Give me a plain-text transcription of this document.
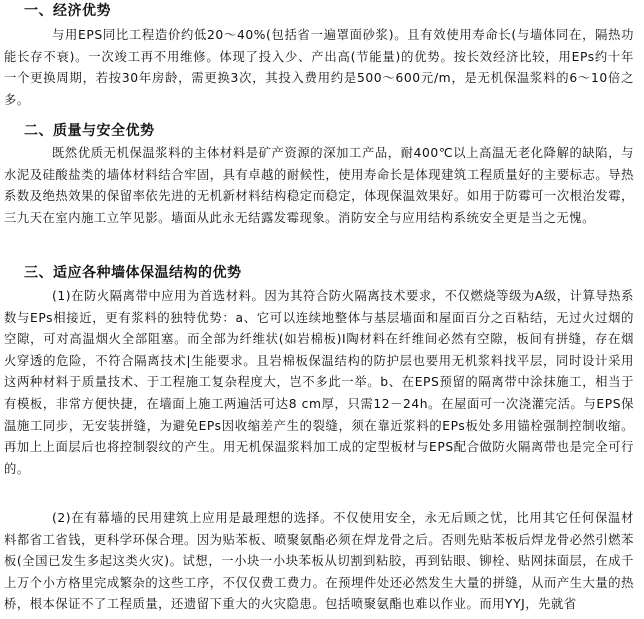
一、经济优势

与用EPS同比工程造价约低20～40%(包括省一遍罩面砂浆)。且有效使用寿命长(与墙体同在，隔热功能长存不衰)。一次竣工再不用维修。体现了投入少、产出高(节能量)的优势。按长效经济比较，用EPs约十年一个更换周期，若按30年房龄，需更换3次，其投入费用约是500～600元/m，是无机保温浆料的6～10倍之多。

二、质量与安全优势

既然优质无机保温浆料的主体材料是矿产资源的深加工产品，耐400℃以上高温无老化降解的缺陷，与水泥及硅酸盐类的墙体材料结合牢固，具有卓越的耐候性，使用寿命长是体现建筑工程质量好的主要标志。导热系数及绝热效果的保留率依先进的无机新材料结构稳定而稳定，体现保温效果好。如用于防霉可一次根治发霉，三九天在室内施工立竿见影。墙面从此永无结露发霉现象。消防安全与应用结构系统安全更是当之无愧。

三、适应各种墙体保温结构的优势

(1)在防火隔离带中应用为首选材料。因为其符合防火隔离技术要求，不仅燃烧等级为A级，计算导热系数与EPs相接近，更有浆料的独特优势：a、它可以连续地整体与基层墙面和屋面百分之百粘结，无过火过烟的空隙，可对高温烟火全部阻塞。而全部为纤维状(如岩棉板)I陶材料在纤维间必然有空隙，板间有拼缝，存在烟火穿透的危险，不符合隔离技术|生能要求。且岩棉板保温结构的防护层也要用无机浆料找平层，同时设计采用这两种材料于质量技术、于工程施工复杂程度大，岂不多此一举。b、在EPS预留的隔离带中涂抹施工，相当于有模板，非常方便快捷，在墙面上施工两遍活可达8 cm厚，只需12－24h。在屋面可一次浇灌完活。与EPS保温施工同步，无安装拼缝，为避免EPs因收缩差产生的裂缝，须在靠近浆料的EPs板处多用锚栓强制控制收缩。再加上上面层后也将控制裂纹的产生。用无机保温浆料加工成的定型板材与EPS配合做防火隔离带也是完全可行的。

(2)在有幕墙的民用建筑上应用是最理想的选择。不仅使用安全，永无后顾之忧，比用其它任何保温材料都省工省钱，更科学环保合理。因为贴苯板、喷聚氨酯必须在焊龙骨之后。否则先贴苯板后焊龙骨必然引燃苯板(全国已发生多起这类火灾)。试想，一小块一小块苯板从切割到粘胶，再到钻眼、铆栓、贴网抹面层，在成千上万个小方格里完成繁杂的这些工序，不仅仅费工费力。在预埋件处还必然发生大量的拼缝，从而产生大量的热桥，根本保证不了工程质量，还遗留下重大的火灾隐患。包括喷聚氨酯也难以作业。而用YYJ，先就省
